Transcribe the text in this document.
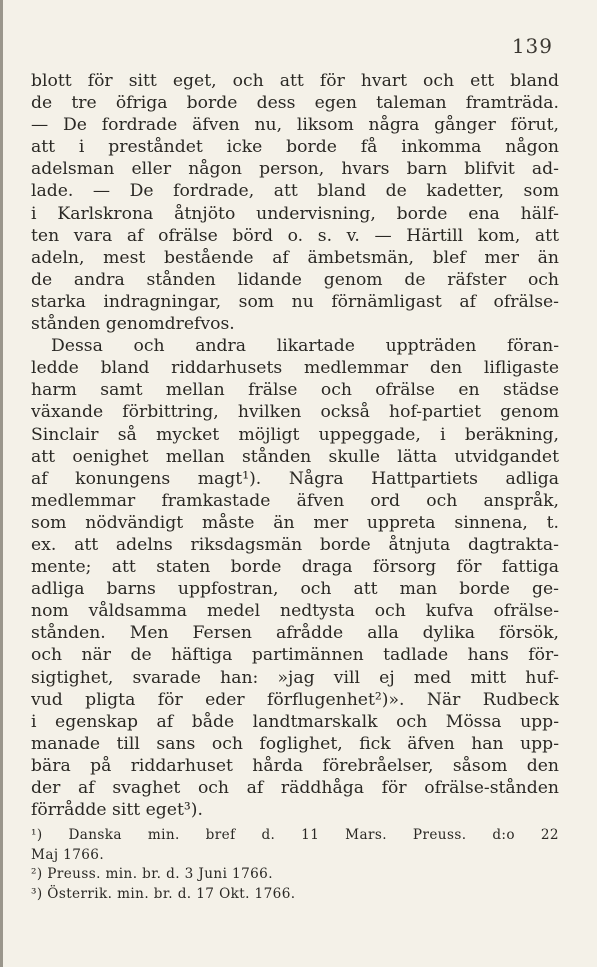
139
blott för sitt eget, och att för hvart och ett bland
de tre öfriga borde dess egen taleman framträda.
— De fordrade äfven nu, liksom några gånger förut,
att i preståndet icke borde få inkomma någon
adelsman eller någon person, hvars barn blifvit ad-
lade. — De fordrade, att bland de kadetter, som
i Karlskrona åtnjöto undervisning, borde ena hälf-
ten vara af ofrälse börd o. s. v. — Härtill kom, att
adeln, mest bestående af ämbetsmän, blef mer än
de andra stånden lidande genom de räfster och
starka indragningar, som nu förnämligast af ofrälse-
stånden genomdrefvos.
Dessa och andra likartade uppträden föran-
ledde bland riddarhusets medlemmar den lifligaste
harm samt mellan frälse och ofrälse en städse
växande förbittring, hvilken också hof-partiet genom
Sinclair så mycket möjligt uppeggade, i beräkning,
att oenighet mellan stånden skulle lätta utvidgandet
af konungens magt¹). Några Hattpartiets adliga
medlemmar framkastade äfven ord och anspråk,
som nödvändigt måste än mer uppreta sinnena, t.
ex. att adelns riksdagsmän borde åtnjuta dagtrakta-
mente; att staten borde draga försorg för fattiga
adliga barns uppfostran, och att man borde ge-
nom våldsamma medel nedtysta och kufva ofrälse-
stånden. Men Fersen afrådde alla dylika försök,
och när de häftiga partimännen tadlade hans för-
sigtighet, svarade han: »jag vill ej med mitt huf-
vud pligta för eder förflugenhet²)». När Rudbeck
i egenskap af både landtmarskalk och Mössa upp-
manade till sans och foglighet, fick äfven han upp-
bära på riddarhuset hårda förebråelser, såsom den
der af svaghet och af räddhåga för ofrälse-stånden
förrådde sitt eget³).
¹) Danska min. bref d. 11 Mars. Preuss. d:o 22
Maj 1766.
²) Preuss. min. br. d. 3 Juni 1766.
³) Österrik. min. br. d. 17 Okt. 1766.
